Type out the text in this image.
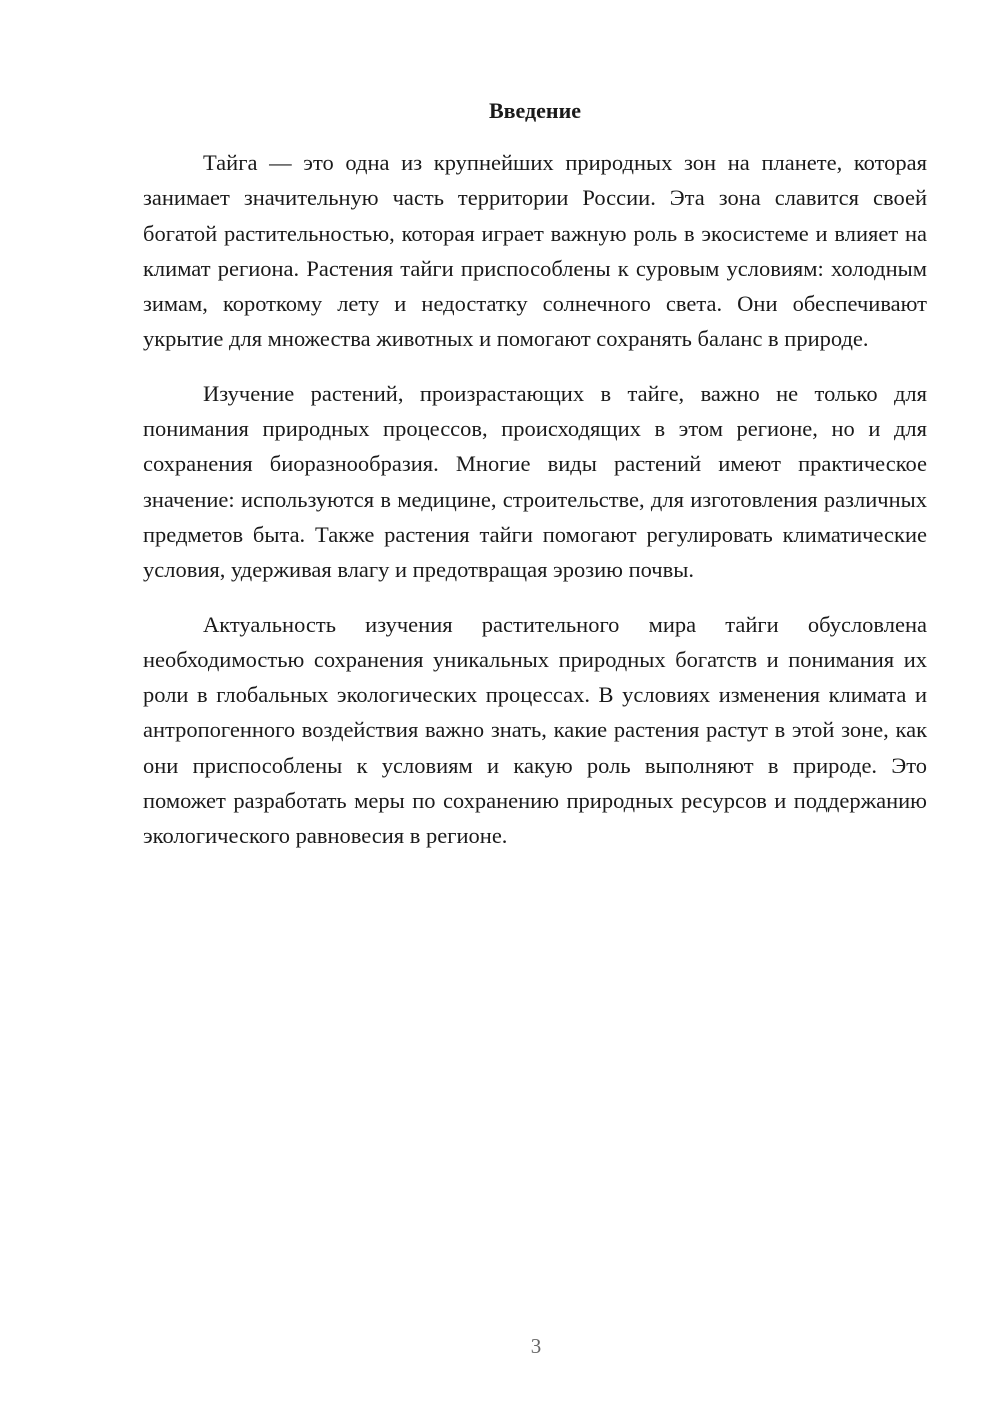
Введение

Тайга — это одна из крупнейших природных зон на планете, которая занимает значительную часть территории России. Эта зона славится своей богатой растительностью, которая играет важную роль в экосистеме и влияет на климат региона. Растения тайги приспособлены к суровым условиям: холодным зимам, короткому лету и недостатку солнечного света. Они обеспечивают укрытие для множества животных и помогают сохранять баланс в природе.

Изучение растений, произрастающих в тайге, важно не только для понимания природных процессов, происходящих в этом регионе, но и для сохранения биоразнообразия. Многие виды растений имеют практическое значение: используются в медицине, строительстве, для изготовления различных предметов быта. Также растения тайги помогают регулировать климатические условия, удерживая влагу и предотвращая эрозию почвы.

Актуальность изучения растительного мира тайги обусловлена необходимостью сохранения уникальных природных богатств и понимания их роли в глобальных экологических процессах. В условиях изменения климата и антропогенного воздействия важно знать, какие растения растут в этой зоне, как они приспособлены к условиям и какую роль выполняют в природе. Это поможет разработать меры по сохранению природных ресурсов и поддержанию экологического равновесия в регионе.

3
